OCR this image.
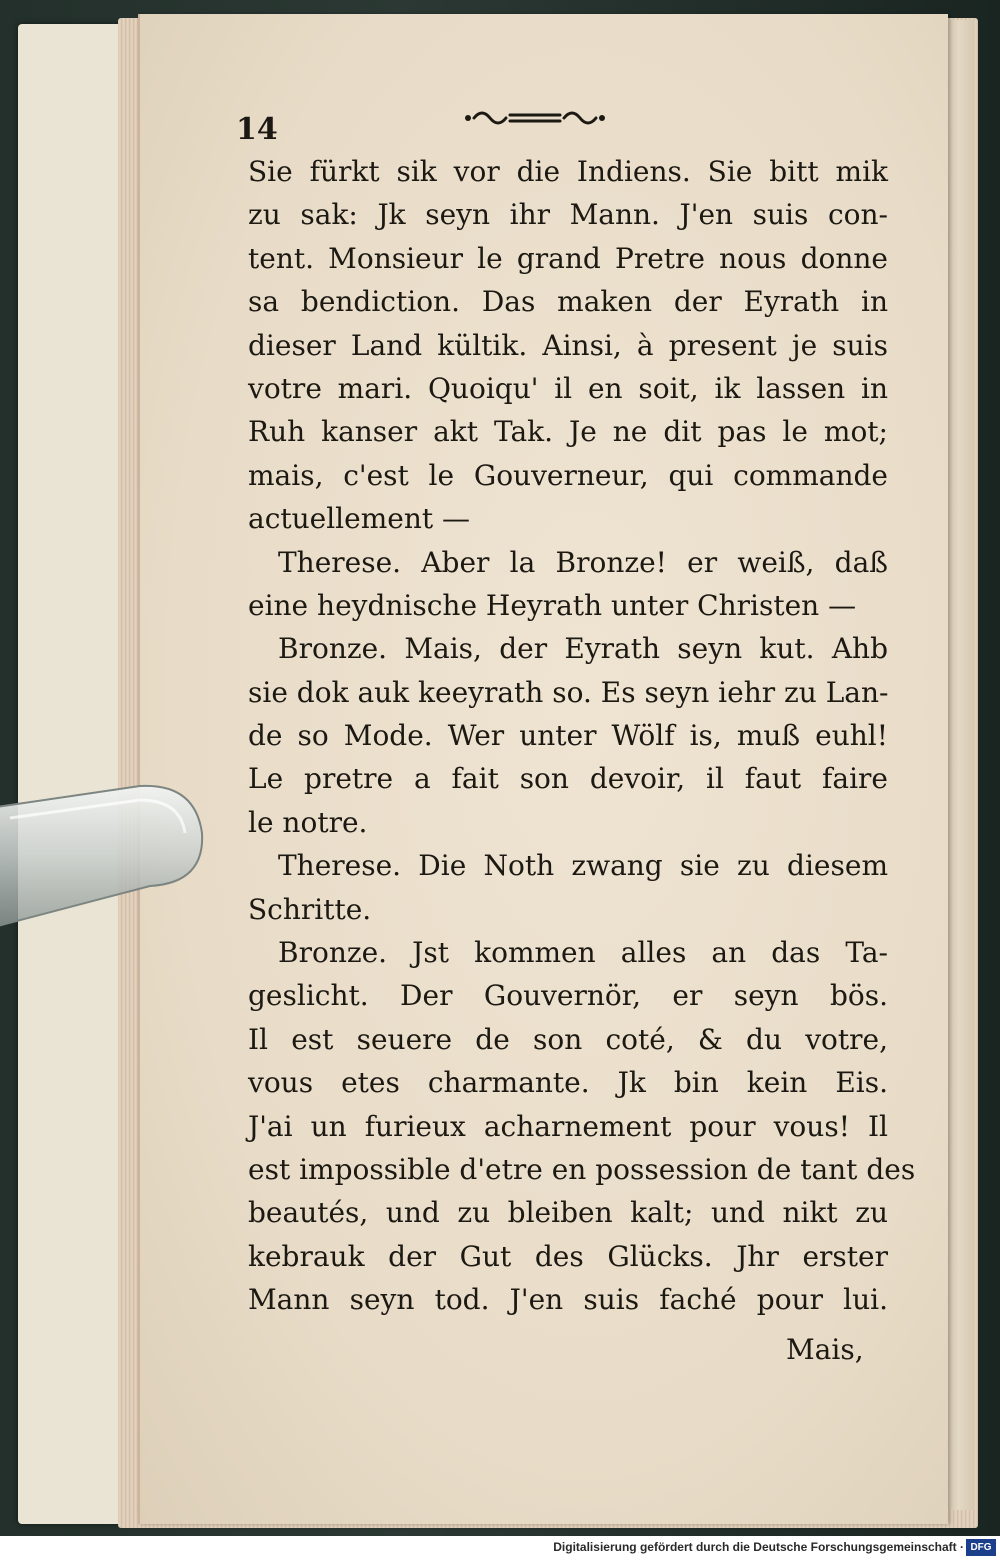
14
Sie fürkt sik vor die Indiens. Sie bitt mik
zu sak: Jk seyn ihr Mann. J'en suis con-
tent. Monsieur le grand Pretre nous donne
sa bendiction. Das maken der Eyrath in
dieser Land kültik. Ainsi, à present je suis
votre mari. Quoiqu' il en soit, ik lassen in
Ruh kanser akt Tak. Je ne dit pas le mot;
mais, c'est le Gouverneur, qui commande
actuellement —
Therese. Aber la Bronze! er weiß, daß
eine heydnische Heyrath unter Christen —
Bronze. Mais, der Eyrath seyn kut. Ahb
sie dok auk keeyrath so. Es seyn iehr zu Lan-
de so Mode. Wer unter Wölf is, muß euhl!
Le pretre a fait son devoir, il faut faire
le notre.
Therese. Die Noth zwang sie zu diesem
Schritte.
Bronze. Jst kommen alles an das Ta-
geslicht. Der Gouvernör, er seyn bös.
Il est seuere de son coté, & du votre,
vous etes charmante. Jk bin kein Eis.
J'ai un furieux acharnement pour vous! Il
est impossible d'etre en possession de tant des
beautés, und zu bleiben kalt; und nikt zu
kebrauk der Gut des Glücks. Jhr erster
Mann seyn tod. J'en suis faché pour lui.
Mais,
Digitalisierung gefördert durch die Deutsche Forschungsgemeinschaft · DFG
